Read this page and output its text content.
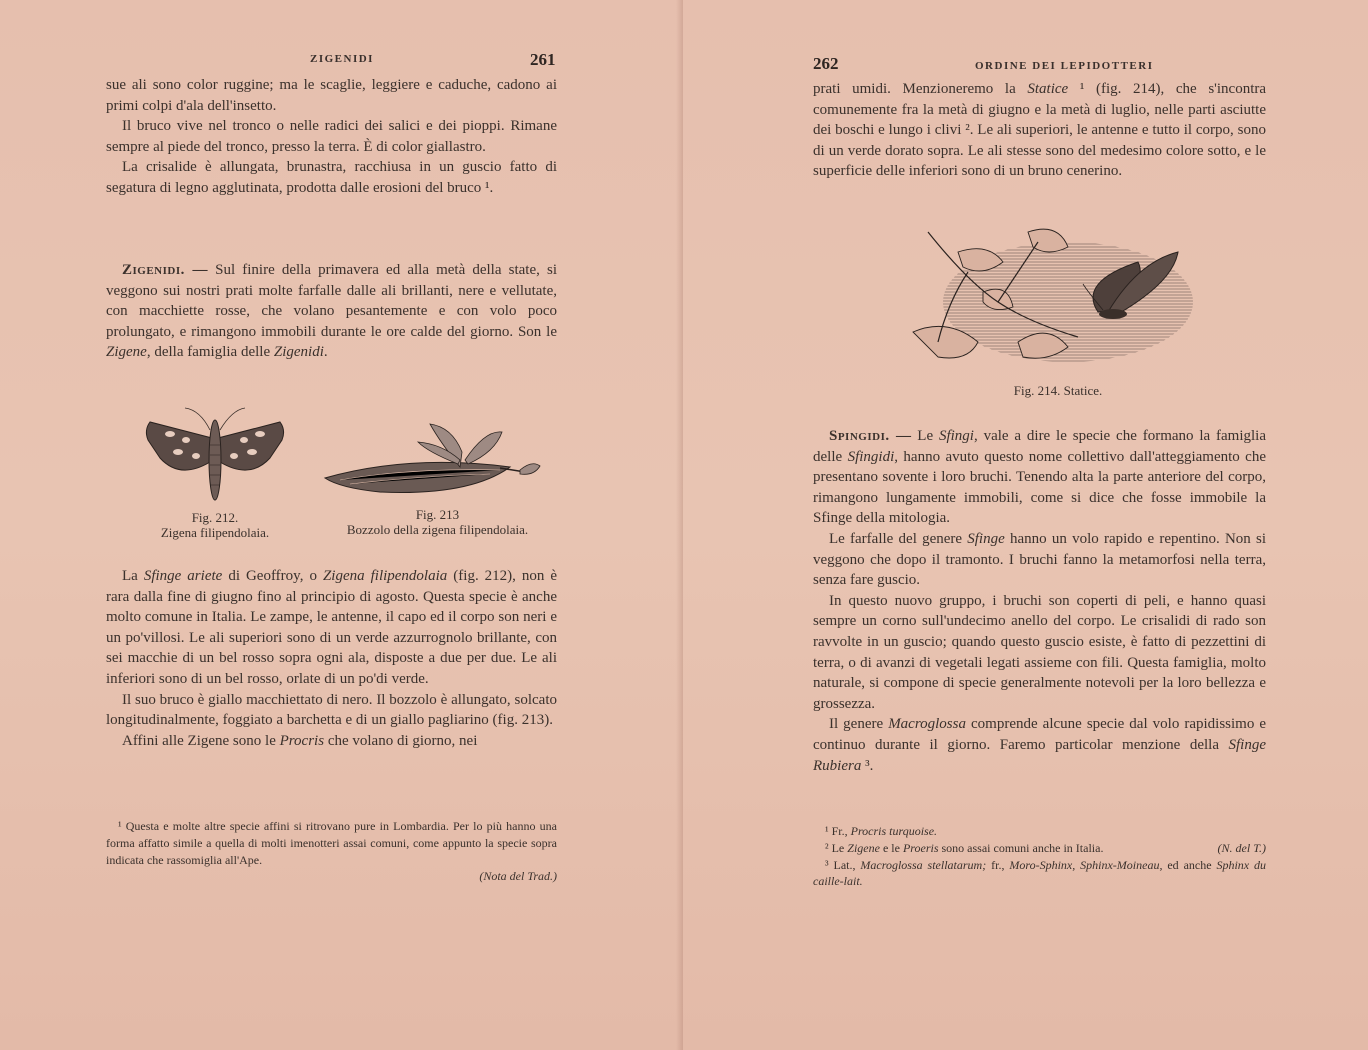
ZIGENIDI	261

sue ali sono color ruggine; ma le scaglie, leggiere e caduche, cadono ai primi colpi d'ala dell'insetto.

Il bruco vive nel tronco o nelle radici dei salici e dei pioppi. Rimane sempre al piede del tronco, presso la terra. È di color giallastro.

La crisalide è allungata, brunastra, racchiusa in un guscio fatto di segatura di legno agglutinata, prodotta dalle erosioni del bruco ¹.

Zigenidi. — Sul finire della primavera ed alla metà della state, si veggono sui nostri prati molte farfalle dalle ali brillanti, nere e vellutate, con macchiette rosse, che volano pesantemente e con volo poco prolungato, e rimangono immobili durante le ore calde del giorno. Son le Zigene, della famiglia delle Zigenidi.

Fig. 212.
Zigena filipendolaia.
Fig. 213
Bozzolo della zigena filipendolaia.

La Sfinge ariete di Geoffroy, o Zigena filipendolaia (fig. 212), non è rara dalla fine di giugno fino al principio di agosto. Questa specie è anche molto comune in Italia. Le zampe, le antenne, il capo ed il corpo son neri e un po'villosi. Le ali superiori sono di un verde azzurrognolo brillante, con sei macchie di un bel rosso sopra ogni ala, disposte a due per due. Le ali inferiori sono di un bel rosso, orlate di un po'di verde.

Il suo bruco è giallo macchiettato di nero. Il bozzolo è allungato, solcato longitudinalmente, foggiato a barchetta e di un giallo pagliarino (fig. 213).

Affini alle Zigene sono le Procris che volano di giorno, nei

¹ Questa e molte altre specie affini si ritrovano pure in Lombardia. Per lo più hanno una forma affatto simile a quella di molti imenotteri assai comuni, come appunto la specie sopra indicata che rassomiglia all'Ape.

(Nota del Trad.)

262	ORDINE DEI LEPIDOTTERI

prati umidi. Menzioneremo la Statice ¹ (fig. 214), che s'incontra comunemente fra la metà di giugno e la metà di luglio, nelle parti asciutte dei boschi e lungo i clivi ². Le ali superiori, le antenne e tutto il corpo, sono di un verde dorato sopra. Le ali stesse sono del medesimo colore sotto, e le superficie delle inferiori sono di un bruno cenerino.

Fig. 214. Statice.

Spingidi. — Le Sfingi, vale a dire le specie che formano la famiglia delle Sfingidi, hanno avuto questo nome collettivo dall'atteggiamento che presentano sovente i loro bruchi. Tenendo alta la parte anteriore del corpo, rimangono lungamente immobili, come si dice che fosse immobile la Sfinge della mitologia.

Le farfalle del genere Sfinge hanno un volo rapido e repentino. Non si veggono che dopo il tramonto. I bruchi fanno la metamorfosi nella terra, senza fare guscio.

In questo nuovo gruppo, i bruchi son coperti di peli, e hanno quasi sempre un corno sull'undecimo anello del corpo. Le crisalidi di rado son ravvolte in un guscio; quando questo guscio esiste, è fatto di pezzettini di terra, o di avanzi di vegetali legati assieme con fili. Questa famiglia, molto naturale, si compone di specie generalmente notevoli per la loro bellezza e grossezza.

Il genere Macroglossa comprende alcune specie dal volo rapidissimo e continuo durante il giorno. Faremo particolar menzione della Sfinge Rubiera ³.

¹ Fr., Procris turquoise.

² Le Zigene e le Proeris sono assai comuni anche in Italia.	(N. del T.)

³ Lat., Macroglossa stellatarum; fr., Moro-Sphinx, Sphinx-Moineau, ed anche Sphinx du caille-lait.
